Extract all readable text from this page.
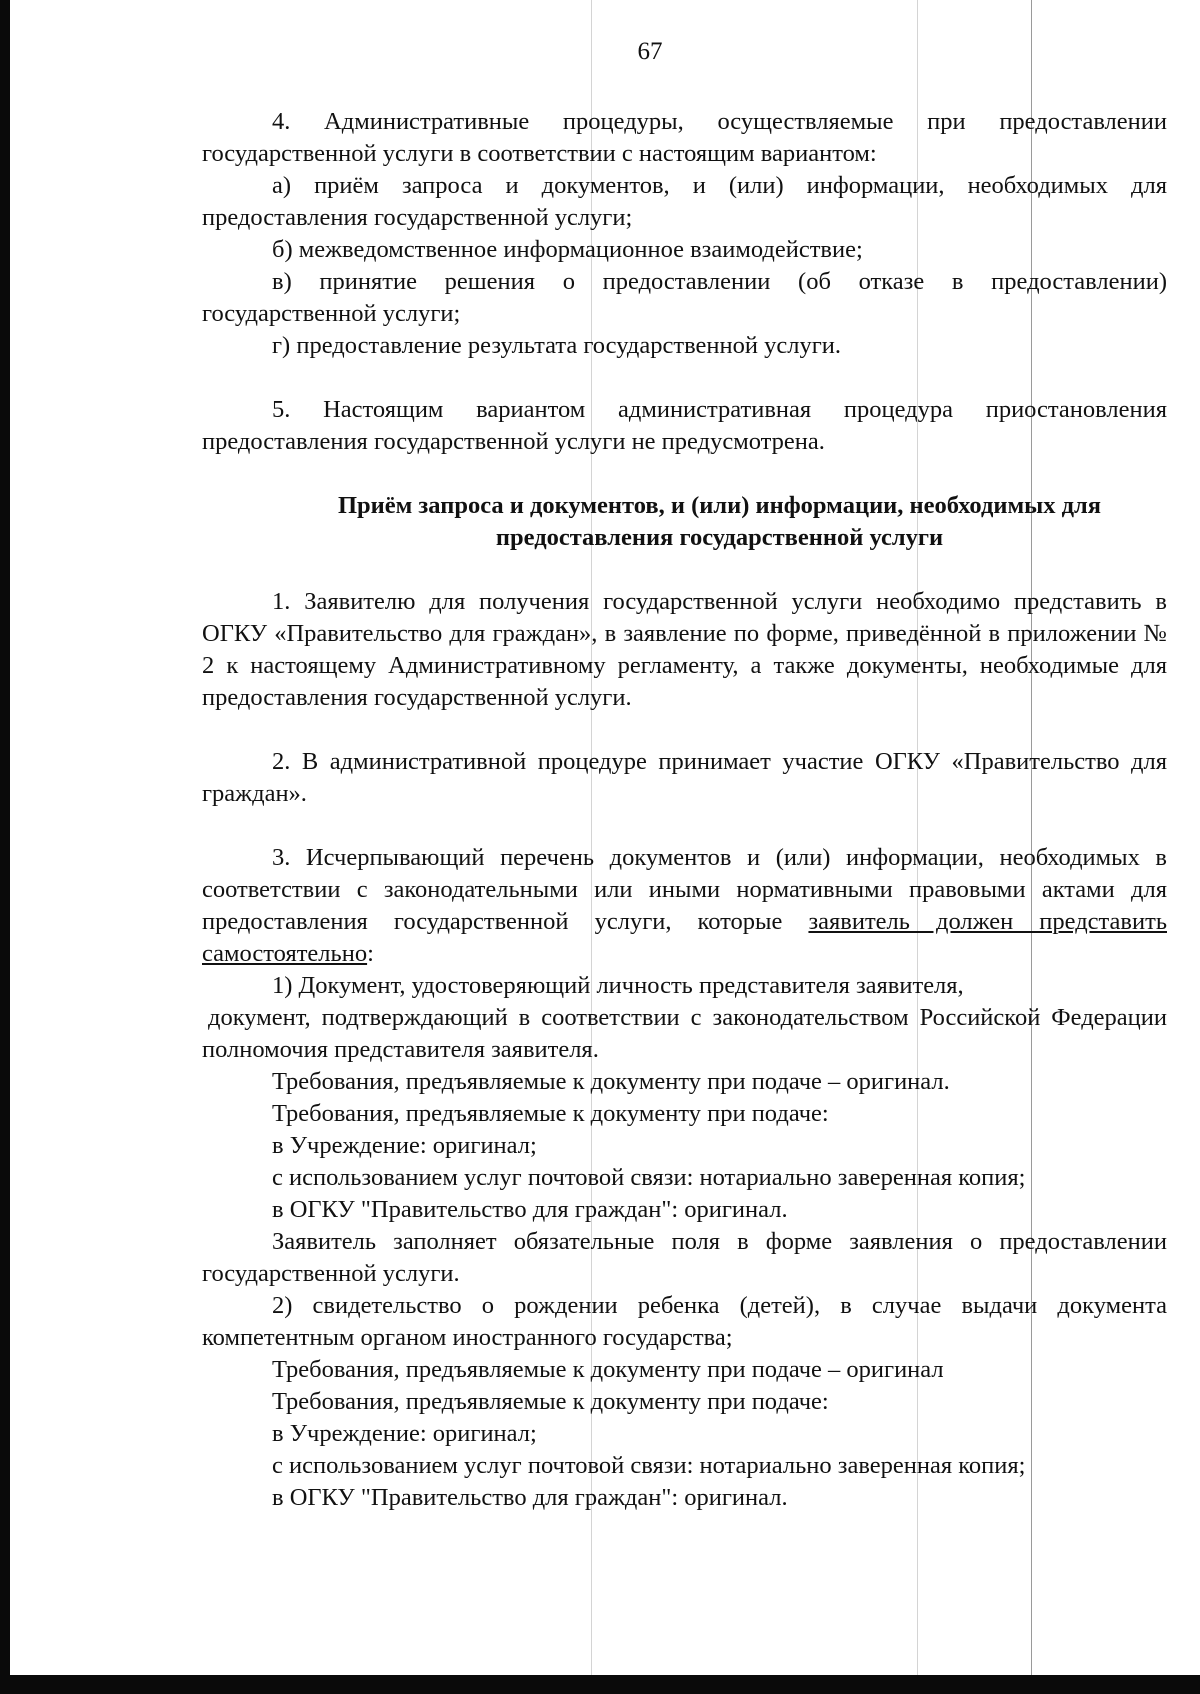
67

4. Административные процедуры, осуществляемые при предоставлении государственной услуги в соответствии с настоящим вариантом:

а) приём запроса и документов, и (или) информации, необходимых для предоставления государственной услуги;

б) межведомственное информационное взаимодействие;

в) принятие решения о предоставлении (об отказе в предоставлении) государственной услуги;

г) предоставление результата государственной услуги.

5. Настоящим вариантом административная процедура приостановления предоставления государственной услуги не предусмотрена.

Приём запроса и документов, и (или) информации, необходимых для
предоставления государственной услуги

1. Заявителю для получения государственной услуги необходимо представить в ОГКУ «Правительство для граждан», в заявление по форме, приведённой в приложении № 2 к настоящему Административному регламенту, а также документы, необходимые для предоставления государственной услуги.

2. В административной процедуре принимает участие ОГКУ «Правительство для граждан».

3. Исчерпывающий перечень документов и (или) информации, необходимых в соответствии с законодательными или иными нормативными правовыми актами для предоставления государственной услуги, которые заявитель должен представить самостоятельно:

1) Документ, удостоверяющий личность представителя заявителя,

документ, подтверждающий в соответствии с законодательством Российской Федерации полномочия представителя заявителя.

Требования, предъявляемые к документу при подаче – оригинал.

Требования, предъявляемые к документу при подаче:

в Учреждение: оригинал;

с использованием услуг почтовой связи: нотариально заверенная копия;

в ОГКУ "Правительство для граждан": оригинал.

Заявитель заполняет обязательные поля в форме заявления о предоставлении государственной услуги.

2) свидетельство о рождении ребенка (детей), в случае выдачи документа компетентным органом иностранного государства;

Требования, предъявляемые к документу при подаче – оригинал

Требования, предъявляемые к документу при подаче:

в Учреждение: оригинал;

с использованием услуг почтовой связи: нотариально заверенная копия;

в ОГКУ "Правительство для граждан": оригинал.
